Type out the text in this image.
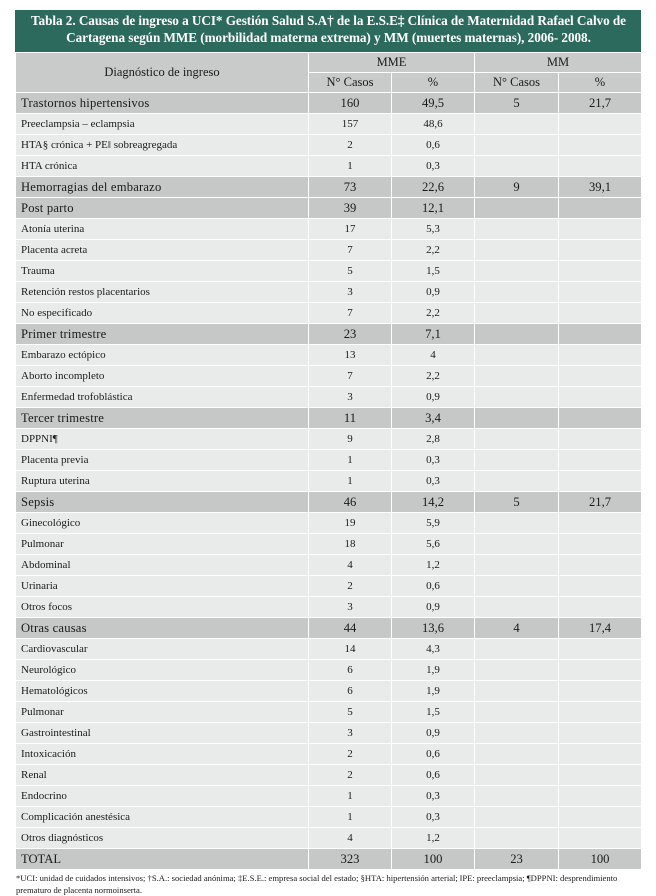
Tabla 2. Causas de ingreso a UCI* Gestión Salud S.A† de la E.S.E‡ Clínica de Maternidad Rafael Calvo de Cartagena según MME (morbilidad materna extrema) y MM (muertes maternas), 2006- 2008.
Diagnóstico de ingreso	MME		MM	
	N° Casos	%	N° Casos	%
Trastornos hipertensivos	160	49,5	5	21,7
Preeclampsia – eclampsia	157	48,6		
HTA§ crónica + PE‖ sobreagregada	2	0,6		
HTA crónica	1	0,3		
Hemorragias del embarazo	73	22,6	9	39,1
Post parto	39	12,1		
Atonía uterina	17	5,3		
Placenta acreta	7	2,2		
Trauma	5	1,5		
Retención restos placentarios	3	0,9		
No especificado	7	2,2		
Primer trimestre	23	7,1		
Embarazo ectópico	13	4		
Aborto incompleto	7	2,2		
Enfermedad trofoblástica	3	0,9		
Tercer trimestre	11	3,4		
DPPNI¶	9	2,8		
Placenta previa	1	0,3		
Ruptura uterina	1	0,3		
Sepsis	46	14,2	5	21,7
Ginecológico	19	5,9		
Pulmonar	18	5,6		
Abdominal	4	1,2		
Urinaria	2	0,6		
Otros focos	3	0,9		
Otras causas	44	13,6	4	17,4
Cardiovascular	14	4,3		
Neurológico	6	1,9		
Hematológicos	6	1,9		
Pulmonar	5	1,5		
Gastrointestinal	3	0,9		
Intoxicación	2	0,6		
Renal	2	0,6		
Endocrino	1	0,3		
Complicación anestésica	1	0,3		
Otros diagnósticos	4	1,2		
TOTAL	323	100	23	100
*UCI: unidad de cuidados intensivos; †S.A.: sociedad anónima; ‡E.S.E.: empresa social del estado; §HTA: hipertensión arterial; ‖PE: preeclampsia; ¶DPPNI: desprendimiento prematuro de placenta normoinserta.
